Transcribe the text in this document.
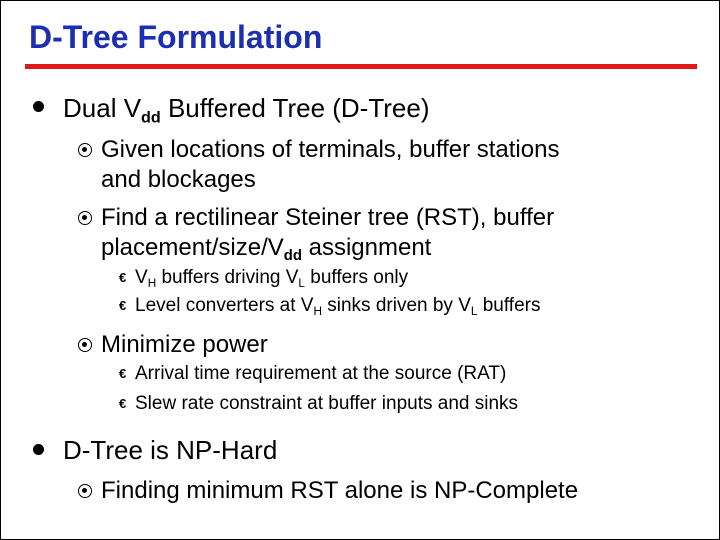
D-Tree Formulation
Dual $V_{dd}$ Buffered Tree (D-Tree)
Given locations of terminals, buffer stations
and blockages
Find a rectilinear Steiner tree (RST), buffer
placement/$size/V_{dd}$ assignment
€ $V_H$ buffers driving $V_L$ buffers only
€ Level converters at $V_H$ sinks driven by $V_L$ buffers
Minimize power
€ Arrival time requirement at the source (RAT)
€ Slew rate constraint at buffer inputs and sinks
D-Tree is NP-Hard
Finding minimum RST alone is NP-Complete
